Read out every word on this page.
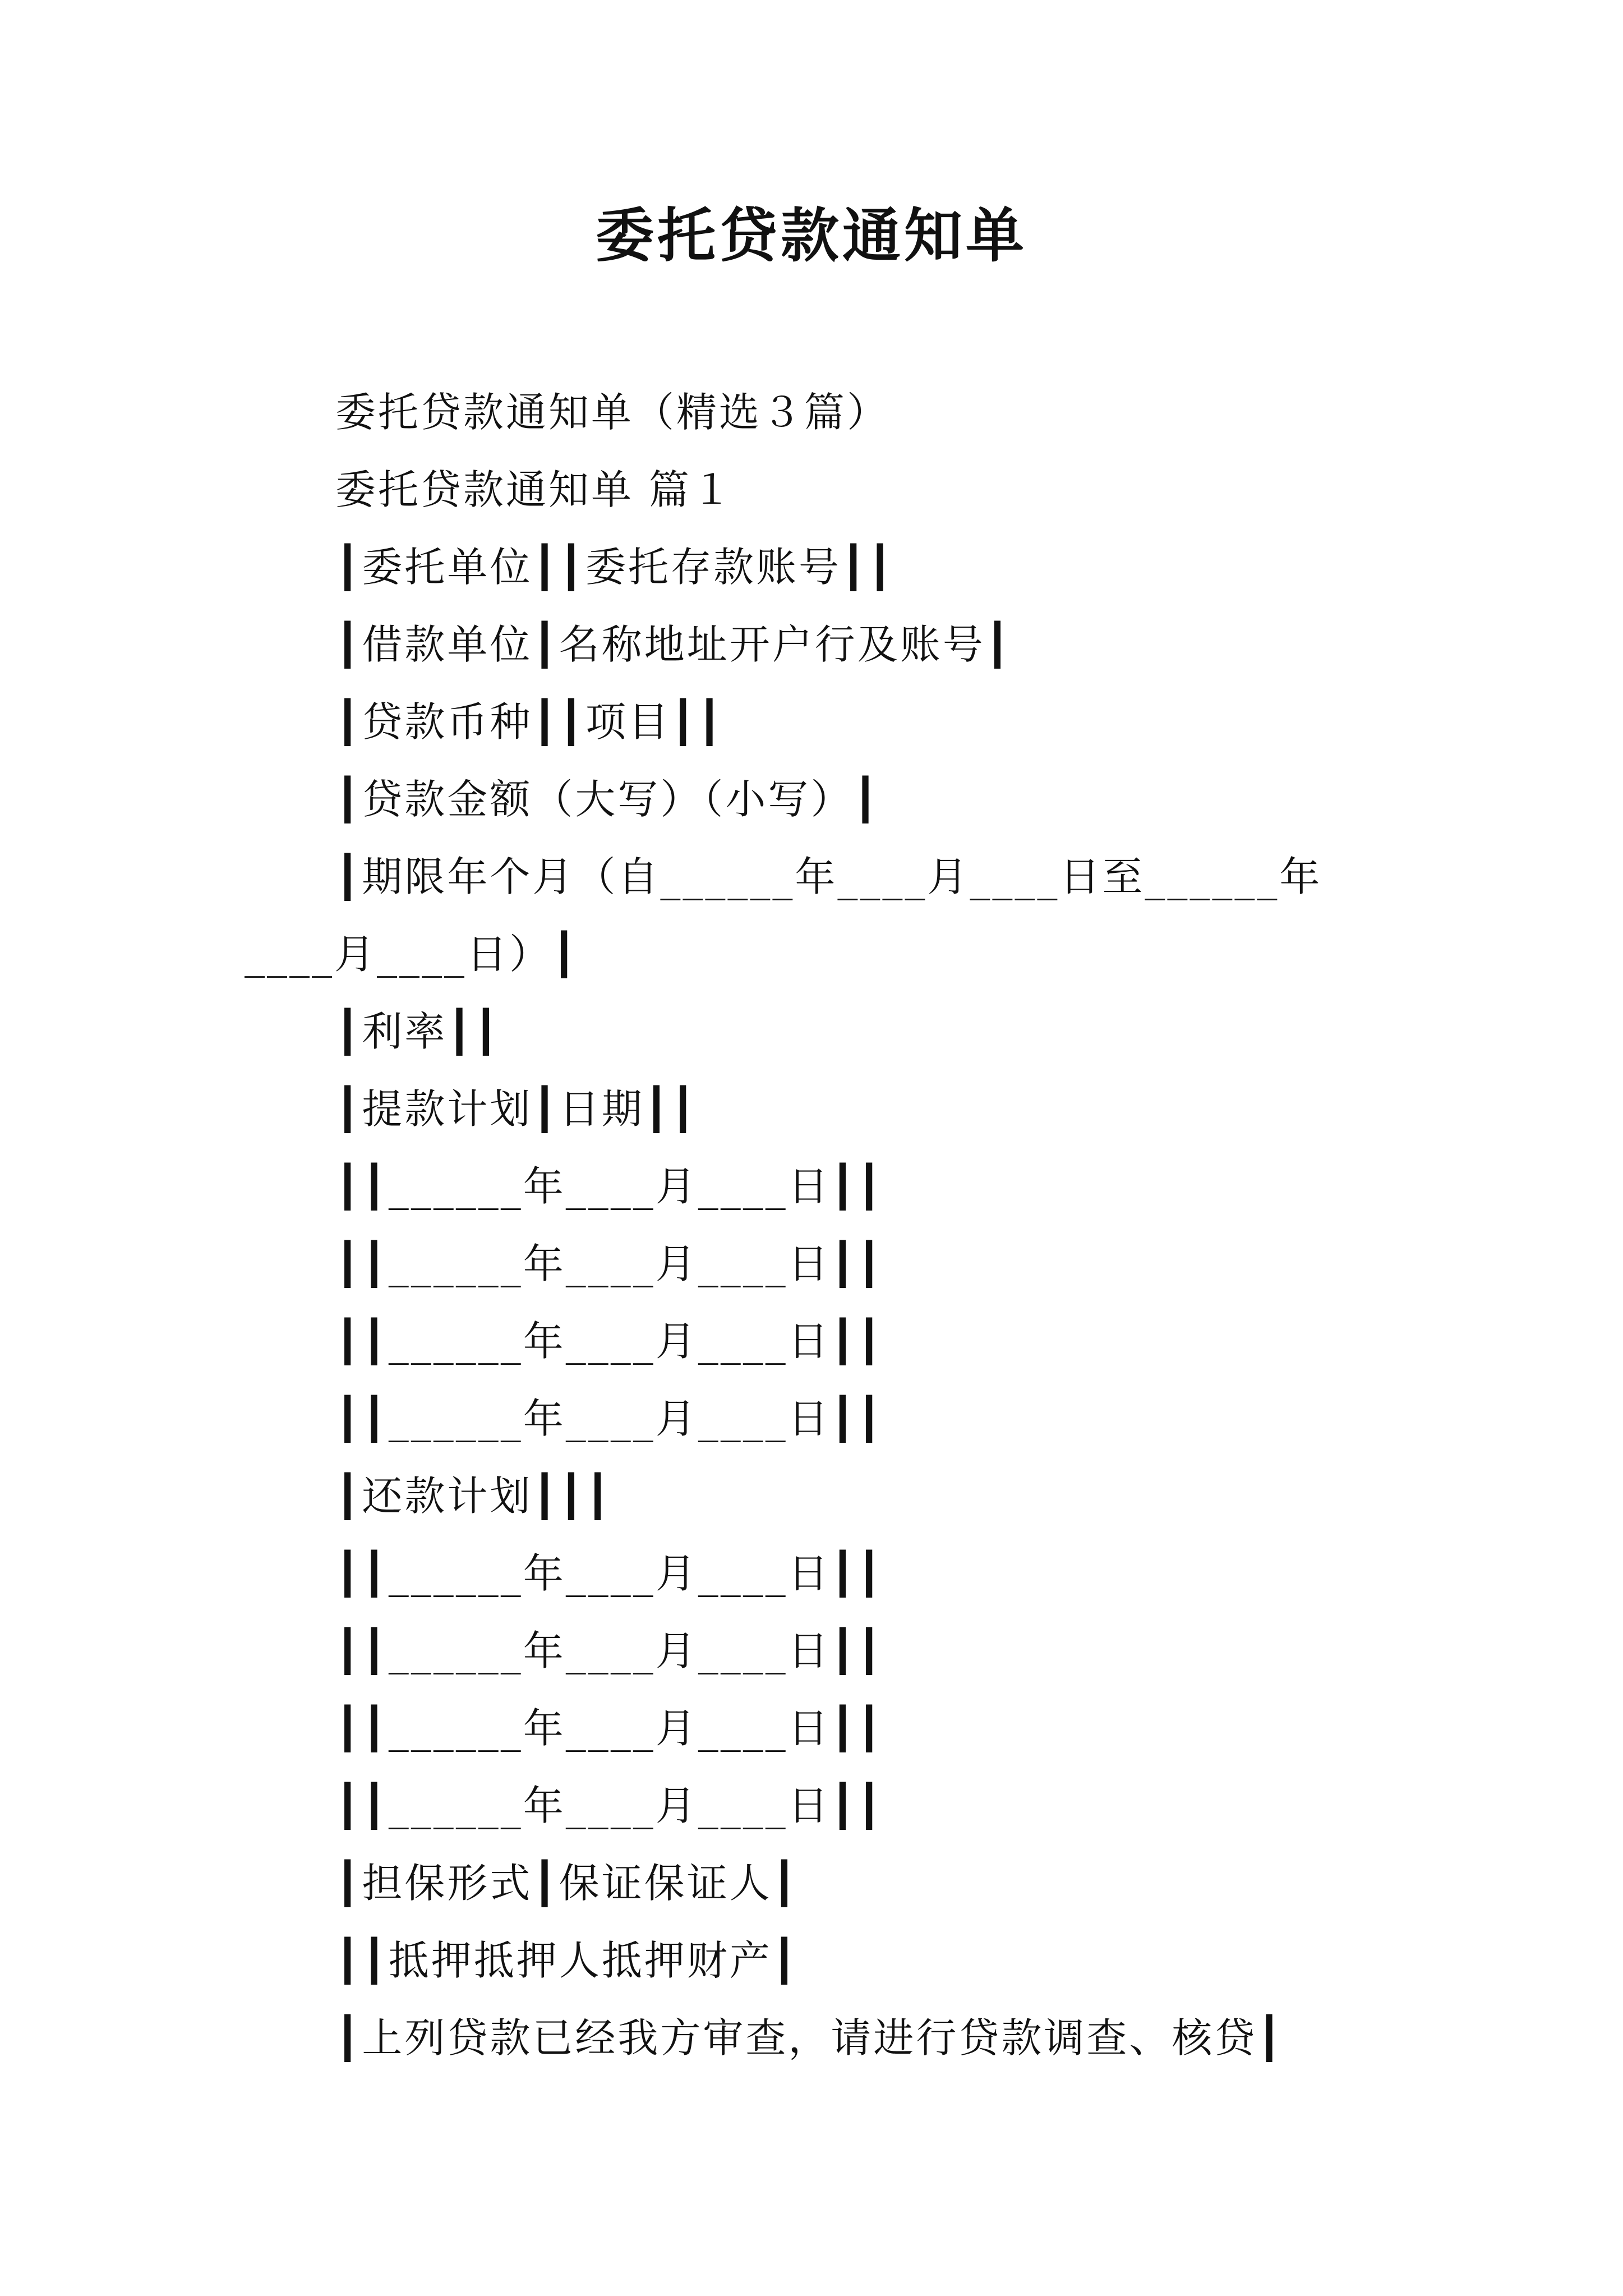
委托贷款通知单

委托贷款通知单（精选３篇）

委托贷款通知单 篇１

┃委托单位┃┃委托存款账号┃┃

┃借款单位┃名称地址开户行及账号┃

┃贷款币种┃┃项目┃┃

┃贷款金额（大写）（小写）┃

┃期限年个月（自______年____月____日至______年

____月____日）┃

┃利率┃┃

┃提款计划┃日期┃┃

┃┃______年____月____日┃┃

┃┃______年____月____日┃┃

┃┃______年____月____日┃┃

┃┃______年____月____日┃┃

┃还款计划┃┃┃

┃┃______年____月____日┃┃

┃┃______年____月____日┃┃

┃┃______年____月____日┃┃

┃┃______年____月____日┃┃

┃担保形式┃保证保证人┃

┃┃抵押抵押人抵押财产┃

┃上列贷款已经我方审查，请进行贷款调查、核贷┃
